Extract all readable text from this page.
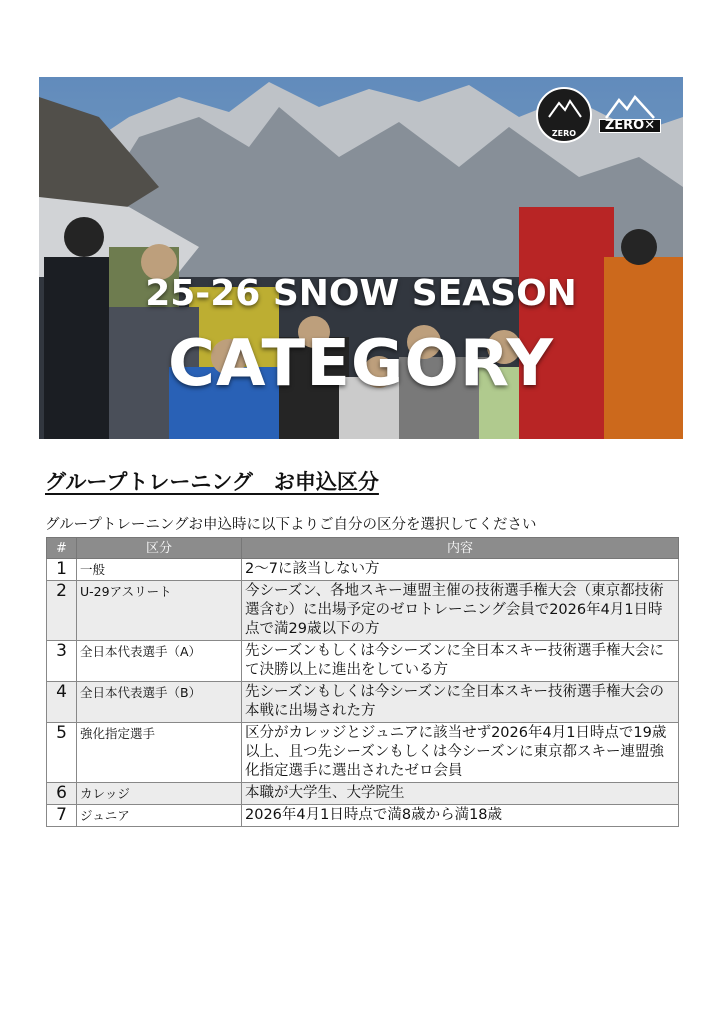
25-26 SNOW SEASON
CATEGORY
ZERO
ZERO✕
グループトレーニング　お申込区分
グループトレーニングお申込時に以下よりご自分の区分を選択してください
#	区分	内容
1	一般	2～7に該当しない方
2	U-29アスリート	今シーズン、各地スキー連盟主催の技術選手権大会（東京都技術選含む）に出場予定のゼロトレーニング会員で2026年4月1日時点で満29歳以下の方
3	全日本代表選手（A）	先シーズンもしくは今シーズンに全日本スキー技術選手権大会にて決勝以上に進出をしている方
4	全日本代表選手（B）	先シーズンもしくは今シーズンに全日本スキー技術選手権大会の本戦に出場された方
5	強化指定選手	区分がカレッジとジュニアに該当せず2026年4月1日時点で19歳以上、且つ先シーズンもしくは今シーズンに東京都スキー連盟強化指定選手に選出されたゼロ会員
6	カレッジ	本職が大学生、大学院生
7	ジュニア	2026年4月1日時点で満8歳から満18歳
